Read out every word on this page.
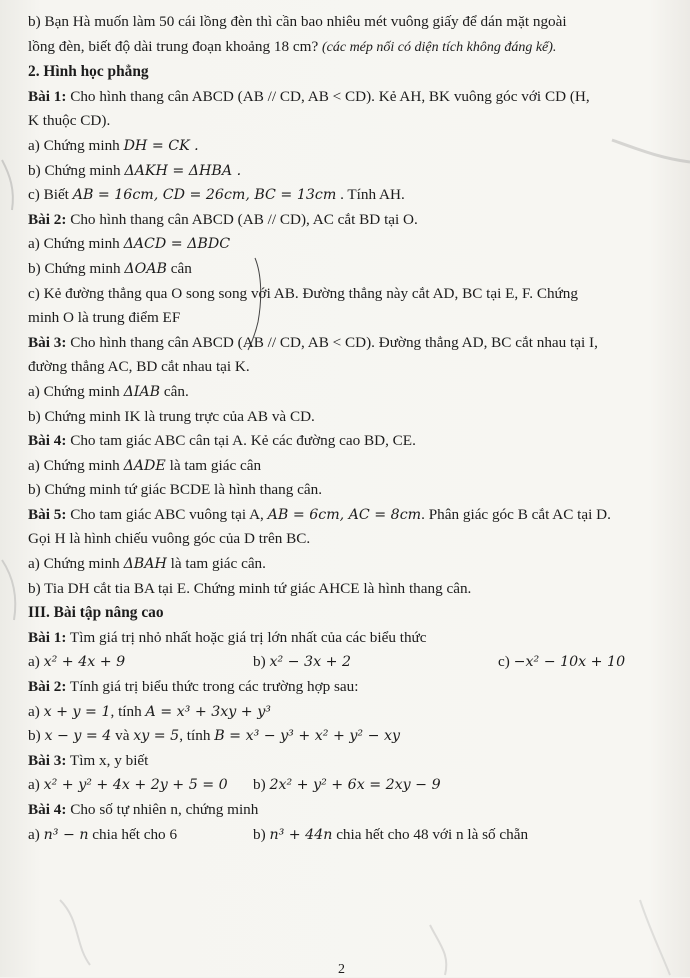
b) Bạn Hà muốn làm 50 cái lồng đèn thì cần bao nhiêu mét vuông giấy để dán mặt ngoài

lồng đèn, biết độ dài trung đoạn khoảng 18 cm? (các mép nối có diện tích không đáng kể).

2. Hình học phẳng

Bài 1: Cho hình thang cân ABCD (AB // CD, AB < CD). Kẻ AH, BK vuông góc với CD (H,

K thuộc CD).

a) Chứng minh DH = CK .

b) Chứng minh ΔAKH = ΔHBA .

c) Biết AB = 16cm, CD = 26cm, BC = 13cm . Tính AH.

Bài 2: Cho hình thang cân ABCD (AB // CD), AC cắt BD tại O.

a) Chứng minh ΔACD = ΔBDC

b) Chứng minh ΔOAB cân

c) Kẻ đường thẳng qua O song song với AB. Đường thẳng này cắt AD, BC tại E, F. Chứng

minh O là trung điểm EF

Bài 3: Cho hình thang cân ABCD (AB // CD, AB < CD). Đường thẳng AD, BC cắt nhau tại I,

đường thẳng AC, BD cắt nhau tại K.

a) Chứng minh ΔIAB cân.

b) Chứng minh IK là trung trực của AB và CD.

Bài 4: Cho tam giác ABC cân tại A. Kẻ các đường cao BD, CE.

a) Chứng minh ΔADE là tam giác cân

b) Chứng minh tứ giác BCDE là hình thang cân.

Bài 5: Cho tam giác ABC vuông tại A, AB = 6cm, AC = 8cm. Phân giác góc B cắt AC tại D.

Gọi H là hình chiếu vuông góc của D trên BC.

a) Chứng minh ΔBAH là tam giác cân.

b) Tia DH cắt tia BA tại E. Chứng minh tứ giác AHCE là hình thang cân.

III. Bài tập nâng cao

Bài 1: Tìm giá trị nhỏ nhất hoặc giá trị lớn nhất của các biểu thức

a) x² + 4x + 9	b) x² − 3x + 2	c) −x² − 10x + 10

Bài 2: Tính giá trị biểu thức trong các trường hợp sau:

a) x + y = 1, tính A = x³ + 3xy + y³

b) x − y = 4 và xy = 5, tính B = x³ − y³ + x² + y² − xy

Bài 3: Tìm x, y biết

a) x² + y² + 4x + 2y + 5 = 0	b) 2x² + y² + 6x = 2xy − 9

Bài 4: Cho số tự nhiên n, chứng minh

a) n³ − n chia hết cho 6	b) n³ + 44n chia hết cho 48 với n là số chẵn
2
